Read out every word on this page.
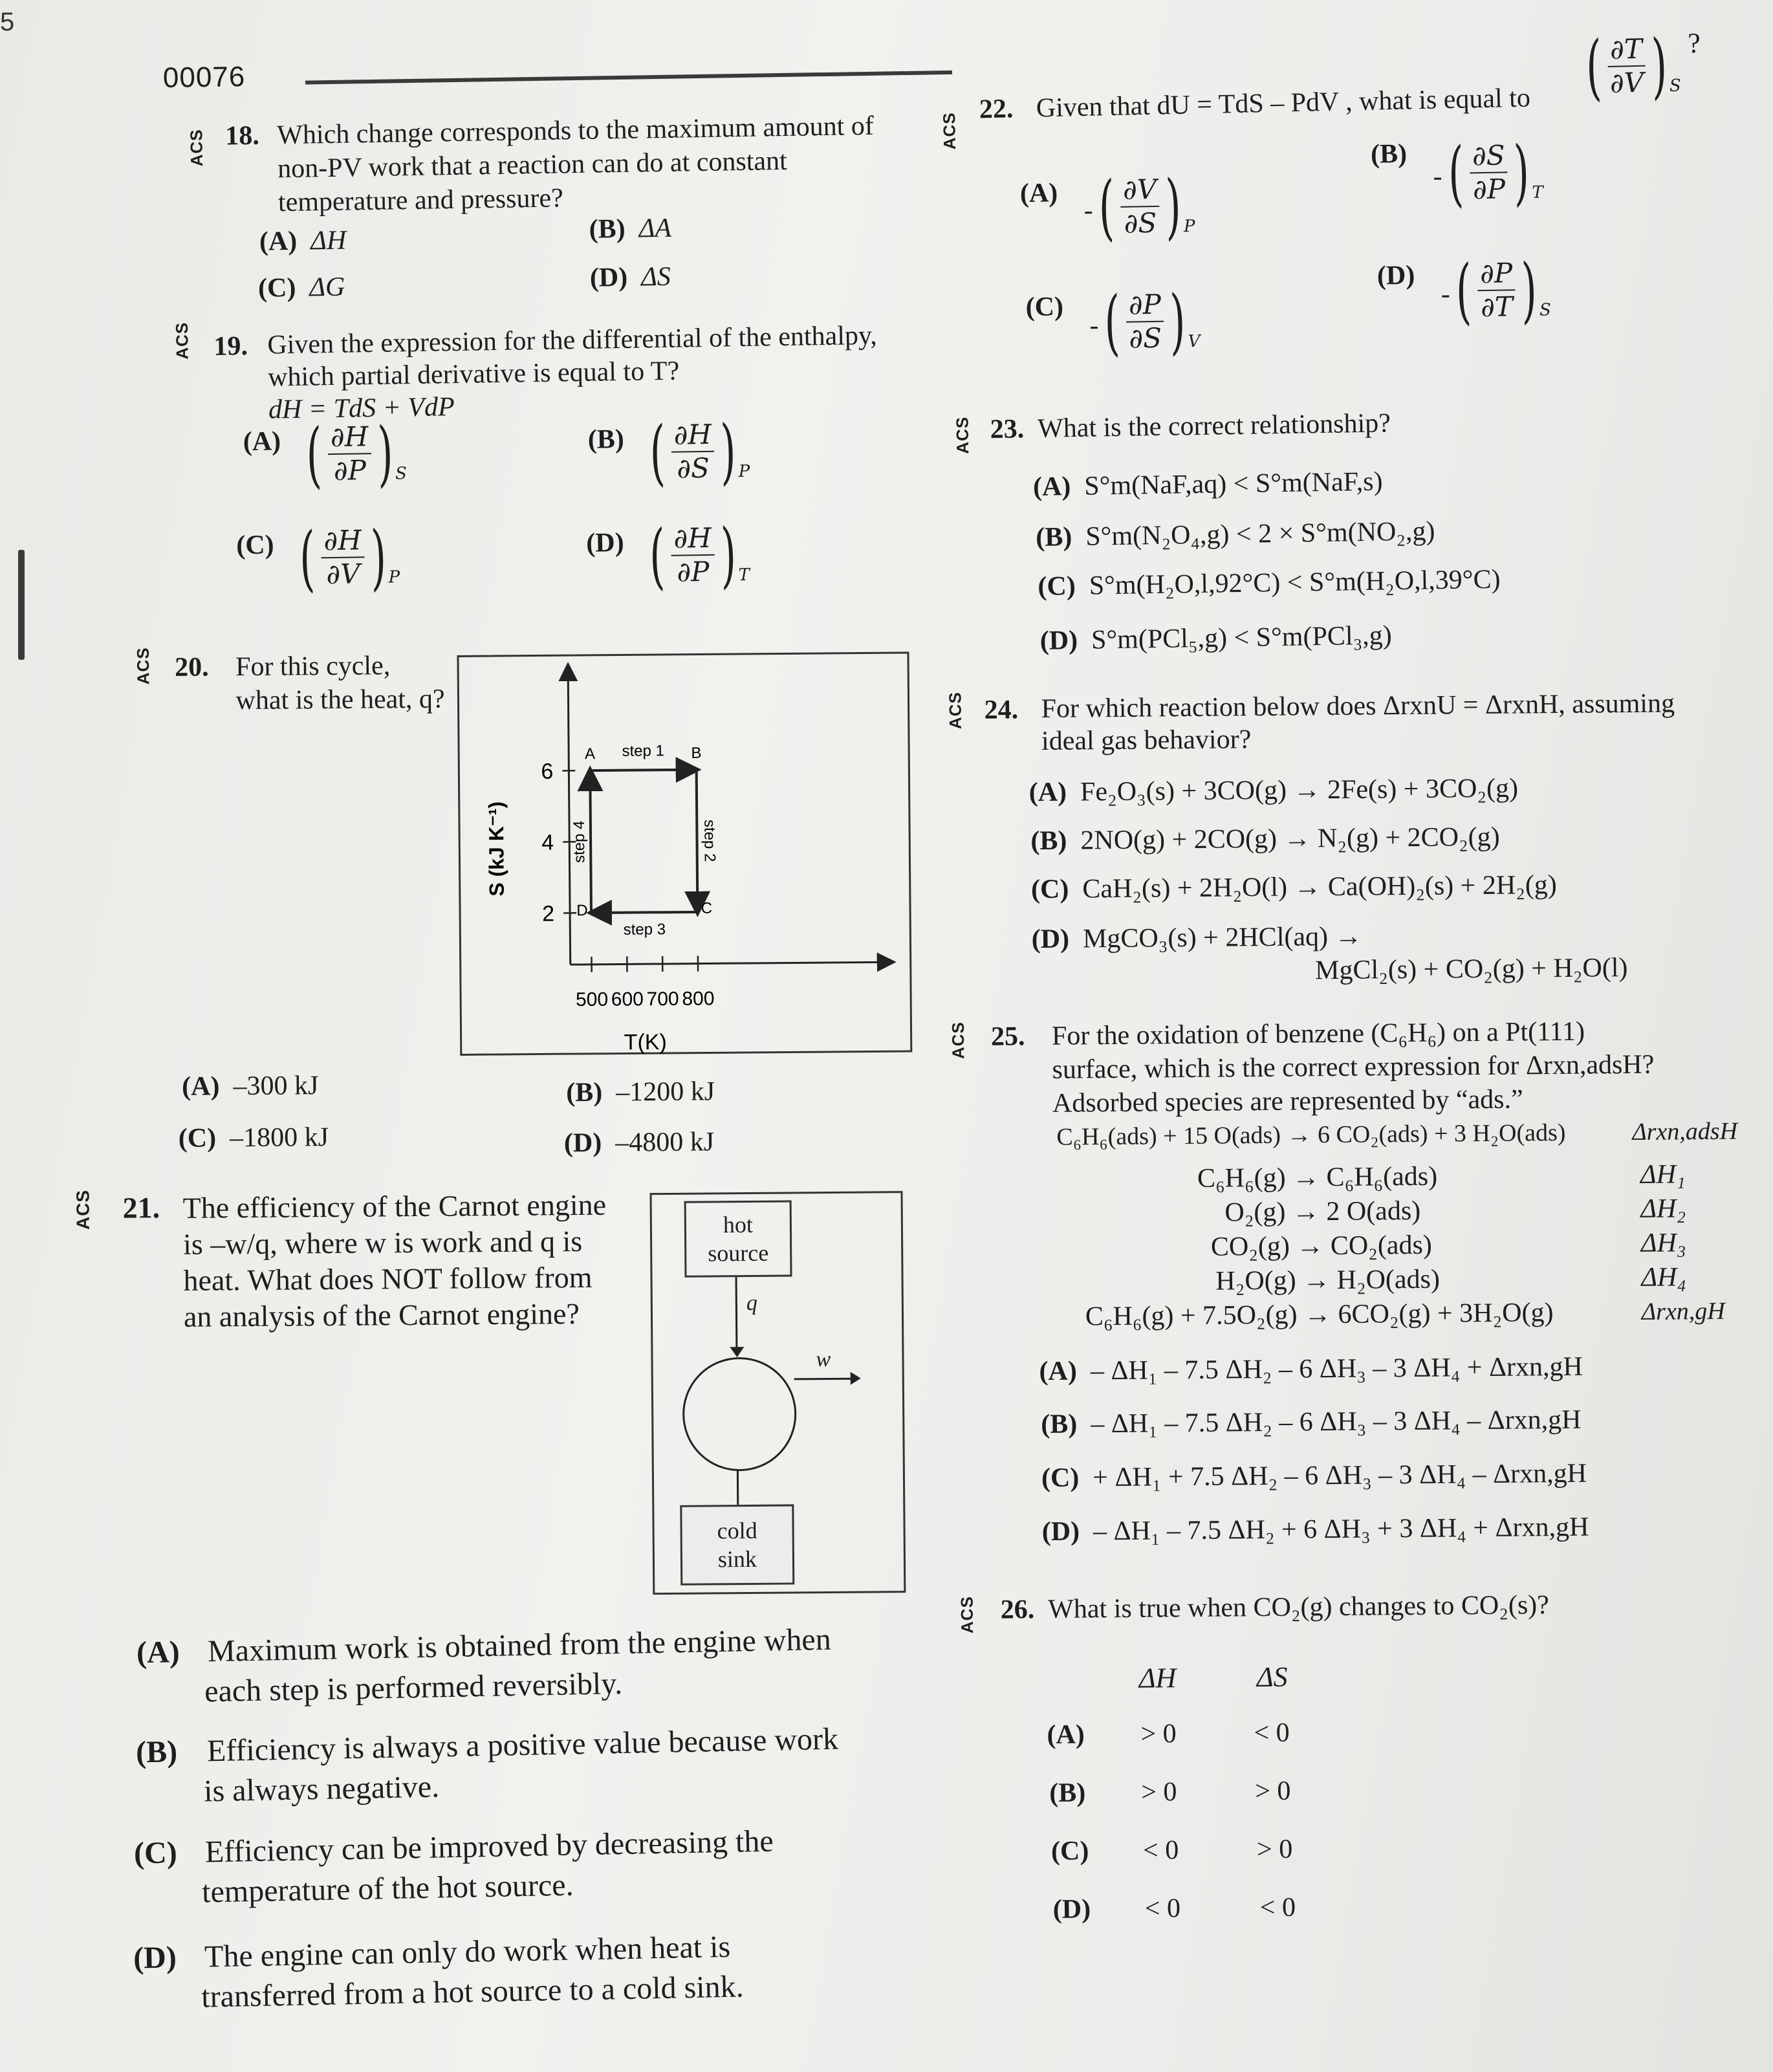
5
00076
ACS 18. Which change corresponds to the maximum amount of
non-PV work that a reaction can do at constant
temperature and pressure?
(A) ΔH	(B) ΔA
(C) ΔG	(D) ΔS
ACS 19. Given the expression for the differential of the enthalpy,
which partial derivative is equal to T?
dH = TdS + VdP
(A) ( $\frac{\partial H}{\partial P}$ ) S
(B) ( $\frac{\partial H}{\partial S}$ ) P
(C) ( $\frac{\partial H}{\partial V}$ ) P
(D) ( $\frac{\partial H}{\partial P}$ ) T
ACS 20. For this cycle,
what is the heat, q?
2
4
6
500 600 700 800
S (kJ K⁻¹)
T(K)
A	B
C
D
step 1
step 2
step 3
step 4
(A) –300 kJ	(B) –1200 kJ
(C) –1800 kJ	(D) –4800 kJ
ACS 21. The efficiency of the Carnot engine
is –w/q, where w is work and q is
heat. What does NOT follow from
an analysis of the Carnot engine?
hot
source
q
w
cold
sink
(A) Maximum work is obtained from the engine when
each step is performed reversibly.
(B) Efficiency is always a positive value because work
is always negative.
(C) Efficiency can be improved by decreasing the
temperature of the hot source.
(D) The engine can only do work when heat is
transferred from a hot source to a cold sink.
ACS
22. Given that dU = TdS – PdV , what is equal to ( $\frac{\partial T}{\partial V}$ ) S
?
(A)
- ( $\frac{\partial V}{\partial S}$ ) P
(B)
- ( $\frac{\partial S}{\partial P}$ ) T
(C)
- ( $\frac{\partial P}{\partial S}$ ) V
(D)
- ( $\frac{\partial P}{\partial T}$ ) S
ACS 23. What is the correct relationship?
(A) S°m(NaF,aq) < S°m(NaF,s)
(B) S°m(N₂O₄,g) < 2 × S°m(NO₂,g)
(C) S°m(H₂O,l,92°C) < S°m(H₂O,l,39°C)
(D) S°m(PCl₅,g) < S°m(PCl₃,g)
ACS 24. For which reaction below does ΔrxnU = ΔrxnH, assuming
ideal gas behavior?
(A) Fe₂O₃(s) + 3CO(g) → 2Fe(s) + 3CO₂(g)
(B) 2NO(g) + 2CO(g) → N₂(g) + 2CO₂(g)
(C) CaH₂(s) + 2H₂O(l) → Ca(OH)₂(s) + 2H₂(g)
(D) MgCO₃(s) + 2HCl(aq) →
MgCl₂(s) + CO₂(g) + H₂O(l)
ACS 25. For the oxidation of benzene (C₆H₆) on a Pt(111)
surface, which is the correct expression for Δrxn,adsH?
Adsorbed species are represented by “ads.”
C₆H₆(ads) + 15 O(ads) → 6 CO₂(ads) + 3 H₂O(ads)	Δrxn,adsH
C₆H₆(g) → C₆H₆(ads)	ΔH₁
O₂(g) → 2 O(ads)	ΔH₂
CO₂(g) → CO₂(ads)	ΔH₃
H₂O(g) → H₂O(ads)	ΔH₄
C₆H₆(g) + 7.5O₂(g) → 6CO₂(g) + 3H₂O(g)	Δrxn,gH
(A) – ΔH₁ – 7.5 ΔH₂ – 6 ΔH₃ – 3 ΔH₄ + Δrxn,gH
(B) – ΔH₁ – 7.5 ΔH₂ – 6 ΔH₃ – 3 ΔH₄ – Δrxn,gH
(C) + ΔH₁ + 7.5 ΔH₂ – 6 ΔH₃ – 3 ΔH₄ – Δrxn,gH
(D) – ΔH₁ – 7.5 ΔH₂ + 6 ΔH₃ + 3 ΔH₄ + Δrxn,gH
ACS 26. What is true when CO₂(g) changes to CO₂(s)?
ΔH	ΔS
(A) > 0	< 0
(B) > 0	> 0
(C) < 0	> 0
(D) < 0	< 0
